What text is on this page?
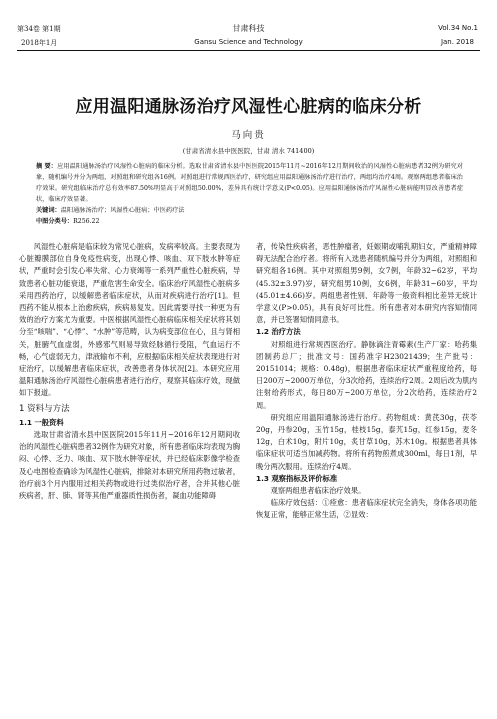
第34卷 第1期
2018年1月
甘肃科技
Gansu Science and Technology
Vol.34 No.1
Jan. 2018
应用温阳通脉汤治疗风湿性心脏病的临床分析
马向贵
(甘肃省清水县中医医院，甘肃 清水 741400)

摘 要：应用温阳通脉汤治疗风湿性心脏病的临床分析。选取甘肃省清水县中医医院2015年11月~2016年12月期间收治的风湿性心脏病患者32例为研究对象，随机编号并分为两组，对照组和研究组各16例。对照组进行常规西医治疗，研究组应用温阳通脉汤治疗进行治疗，两组均治疗4周。观察两组患者临床治疗效果。研究组临床治疗总有效率87.50%明显高于对照组50.00%，差异具有统计学意义(P<0.05)。应用温阳通脉汤治疗风湿性心脏病能明显改善患者症状，临床疗效显著。

关键词：温阳通脉汤治疗；风湿性心脏病；中医药疗法

中图分类号：R256.22

风湿性心脏病是临床较为常见心脏病，发病率较高。主要表现为心脏瓣膜部位自身免疫性病变，出现心悸、咳血、双下肢水肿等症状，严重时会引发心率失常、心力衰竭等一系列严重性心脏疾病，导致患者心脏功能衰退，严重危害生命安全。临床治疗风湿性心脏病多采用西药治疗，以缓解患者临床症状，从而对疾病进行治疗[1]。但西药不能从根本上治愈疾病，疾病易复发。因此需要寻找一种更为有效的治疗方案尤为重要。中医根据风湿性心脏病临床相关症状将其划分至“咳喘”、“心悸”、“水肿”等范畴，认为病变部位在心，且与肾相关，脏腑气血虚弱，外感邪气则易导致经脉循行受阻，气血运行不畅，心气虚弱无力，津液输布不利，应根据临床相关症状表现进行对症治疗，以缓解患者临床症状，改善患者身体状况[2]。本研究应用温阳通脉汤治疗风湿性心脏病患者进行治疗，观察其临床疗效，现做如下报道。

1 资料与方法
1.1 一般资料

选取甘肃省清水县中医医院2015年11月~2016年12月期间收治的风湿性心脏病患者32例作为研究对象，所有患者临床均表现为胸闷、心悸、乏力、咳血、双下肢水肿等症状，并已经临床影像学检查及心电图检查确诊为风湿性心脏病，排除对本研究所用药物过敏者，治疗前3个月内服用过相关药物或进行过类似治疗者，合并其他心脏疾病者，肝、肺、肾等其他严重器质性损伤者，凝血功能障碍

者，传染性疾病者，恶性肿瘤者，妊娠期或哺乳期妇女，严重精神障碍无法配合治疗者。将所有入选患者随机编号并分为两组，对照组和研究组各16例。其中对照组男9例，女7例，年龄32~62岁，平均(45.32±3.97)岁，研究组男10例，女6例，年龄31~60岁，平均(45.01±4.66)岁。两组患者性别、年龄等一般资料相比差异无统计学意义(P>0.05)，具有良好可比性。所有患者对本研究内容知情同意，并已签署知情同意书。

1.2 治疗方法

对照组进行常规西医治疗。静脉滴注青霉素(生产厂家：哈药集团制药总厂；批准文号：国药准字H23021439；生产批号：20151014；规格：0.48g)，根据患者临床症状严重程度给药，每日200万~2000万单位，分3次给药，连续治疗2周。2周后改为肌内注射给药形式，每日80万~200万单位，分2次给药，连续治疗2周。

研究组应用温阳通脉汤进行治疗。药物组成：黄芪30g，茯苓20g，丹参20g，玉竹15g，桂枝15g，泰艽15g，红参15g，麦冬12g，白术10g，附片10g，炙甘草10g，苏木10g。根据患者具体临床症状可适当加减药物。将所有药物煎煮成300ml，每日1剂，早晚分两次服用。连续治疗4周。

1.3 观察指标及评价标准

观察两组患者临床治疗效果。

临床疗效包括：①痊愈：患者临床症状完全消失，身体各项功能恢复正常，能够正常生活，②显效：
